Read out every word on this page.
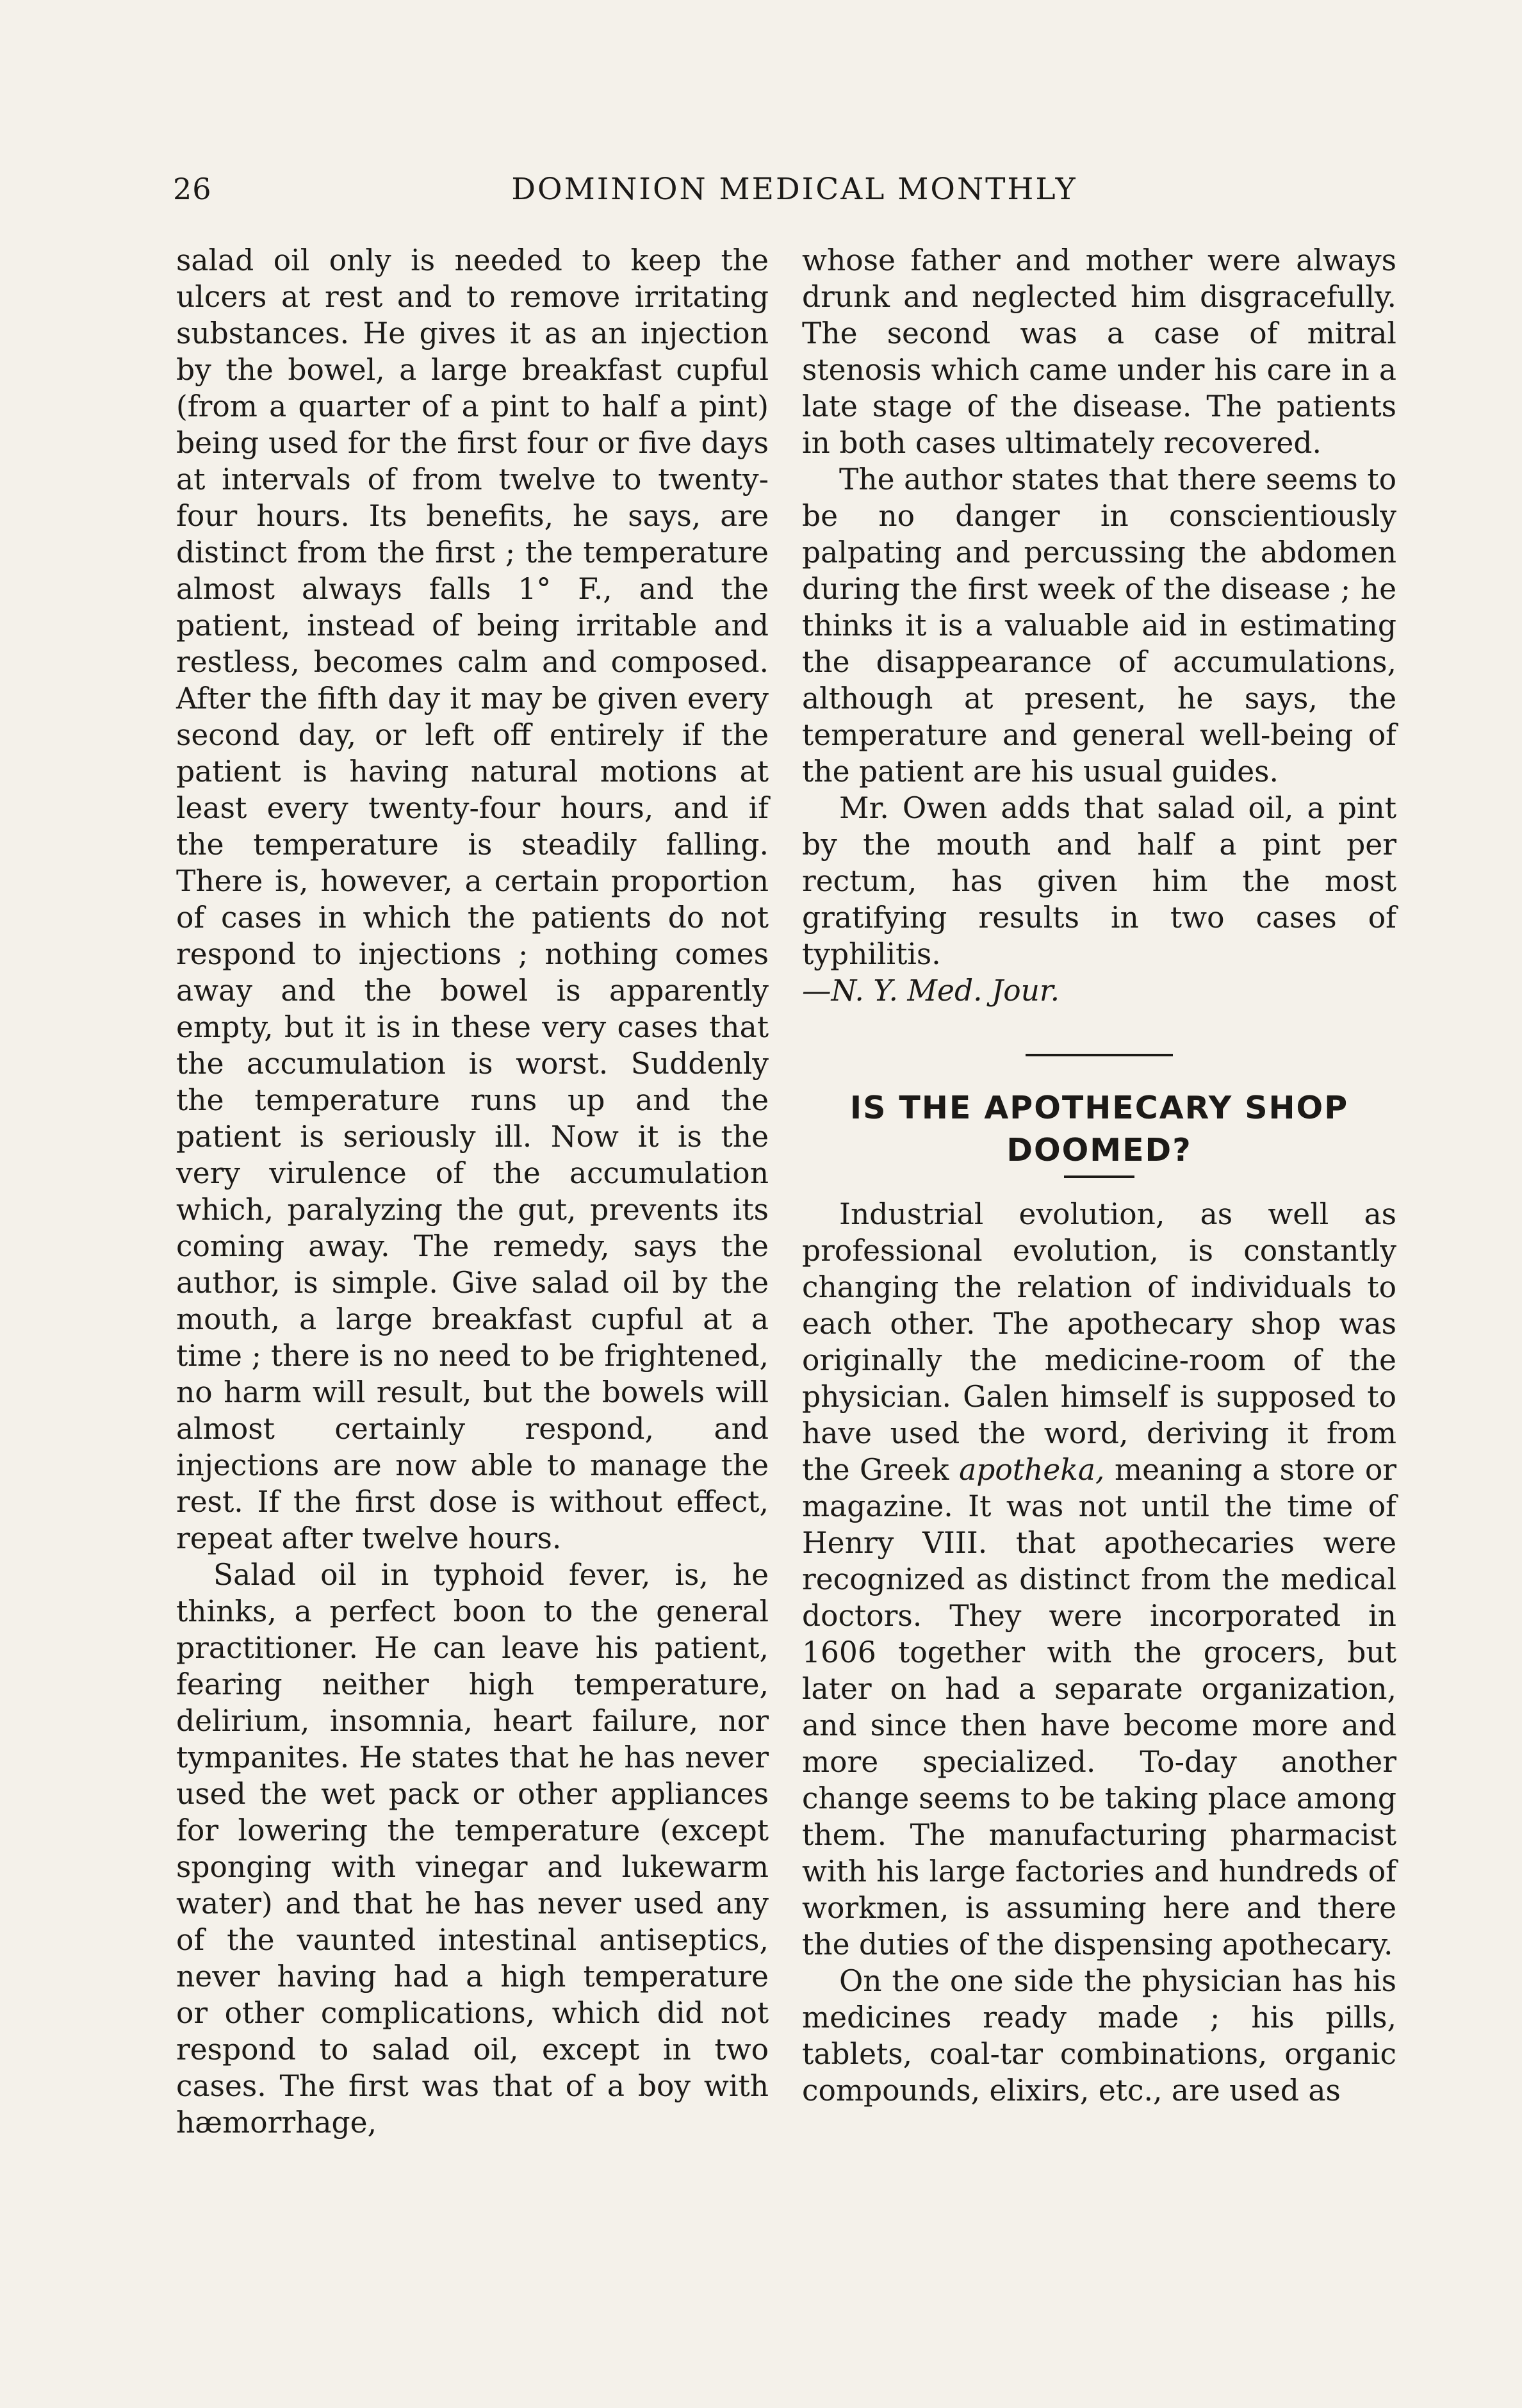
26	DOMINION MEDICAL MONTHLY

salad oil only is needed to keep the ulcers at rest and to remove irritating substances. He gives it as an injection by the bowel, a large breakfast cupful (from a quarter of a pint to half a pint) being used for the first four or five days at intervals of from twelve to twenty-four hours. Its benefits, he says, are distinct from the first ; the temperature almost always falls 1° F., and the patient, instead of being irritable and restless, becomes calm and composed. After the fifth day it may be given every second day, or left off entirely if the patient is having natural motions at least every twenty-four hours, and if the temperature is steadily falling. There is, however, a certain proportion of cases in which the patients do not respond to injections ; nothing comes away and the bowel is apparently empty, but it is in these very cases that the accumulation is worst. Suddenly the temperature runs up and the patient is seriously ill. Now it is the very virulence of the accumulation which, paralyzing the gut, prevents its coming away. The remedy, says the author, is simple. Give salad oil by the mouth, a large breakfast cupful at a time ; there is no need to be frightened, no harm will result, but the bowels will almost certainly respond, and injections are now able to manage the rest. If the first dose is without effect, repeat after twelve hours.

Salad oil in typhoid fever, is, he thinks, a perfect boon to the general practitioner. He can leave his patient, fearing neither high temperature, delirium, insomnia, heart failure, nor tympanites. He states that he has never used the wet pack or other appliances for lowering the temperature (except sponging with vinegar and lukewarm water) and that he has never used any of the vaunted intestinal antiseptics, never having had a high temperature or other complications, which did not respond to salad oil, except in two cases. The first was that of a boy with hæmorrhage,

whose father and mother were always drunk and neglected him disgracefully. The second was a case of mitral stenosis which came under his care in a late stage of the disease. The patients in both cases ultimately recovered.

The author states that there seems to be no danger in conscientiously palpating and percussing the abdomen during the first week of the disease ; he thinks it is a valuable aid in estimating the disappearance of accumulations, although at present, he says, the temperature and general well-being of the patient are his usual guides.

Mr. Owen adds that salad oil, a pint by the mouth and half a pint per rectum, has given him the most gratifying results in two cases of typhilitis.
—N. Y. Med. Jour.

IS THE APOTHECARY SHOP
DOOMED?

Industrial evolution, as well as professional evolution, is constantly changing the relation of individuals to each other. The apothecary shop was originally the medicine-room of the physician. Galen himself is supposed to have used the word, deriving it from the Greek apotheka, meaning a store or magazine. It was not until the time of Henry VIII. that apothecaries were recognized as distinct from the medical doctors. They were incorporated in 1606 together with the grocers, but later on had a separate organization, and since then have become more and more specialized. To-day another change seems to be taking place among them. The manufacturing pharmacist with his large factories and hundreds of workmen, is assuming here and there the duties of the dispensing apothecary.

On the one side the physician has his medicines ready made ; his pills, tablets, coal-tar combinations, organic compounds, elixirs, etc., are used as
